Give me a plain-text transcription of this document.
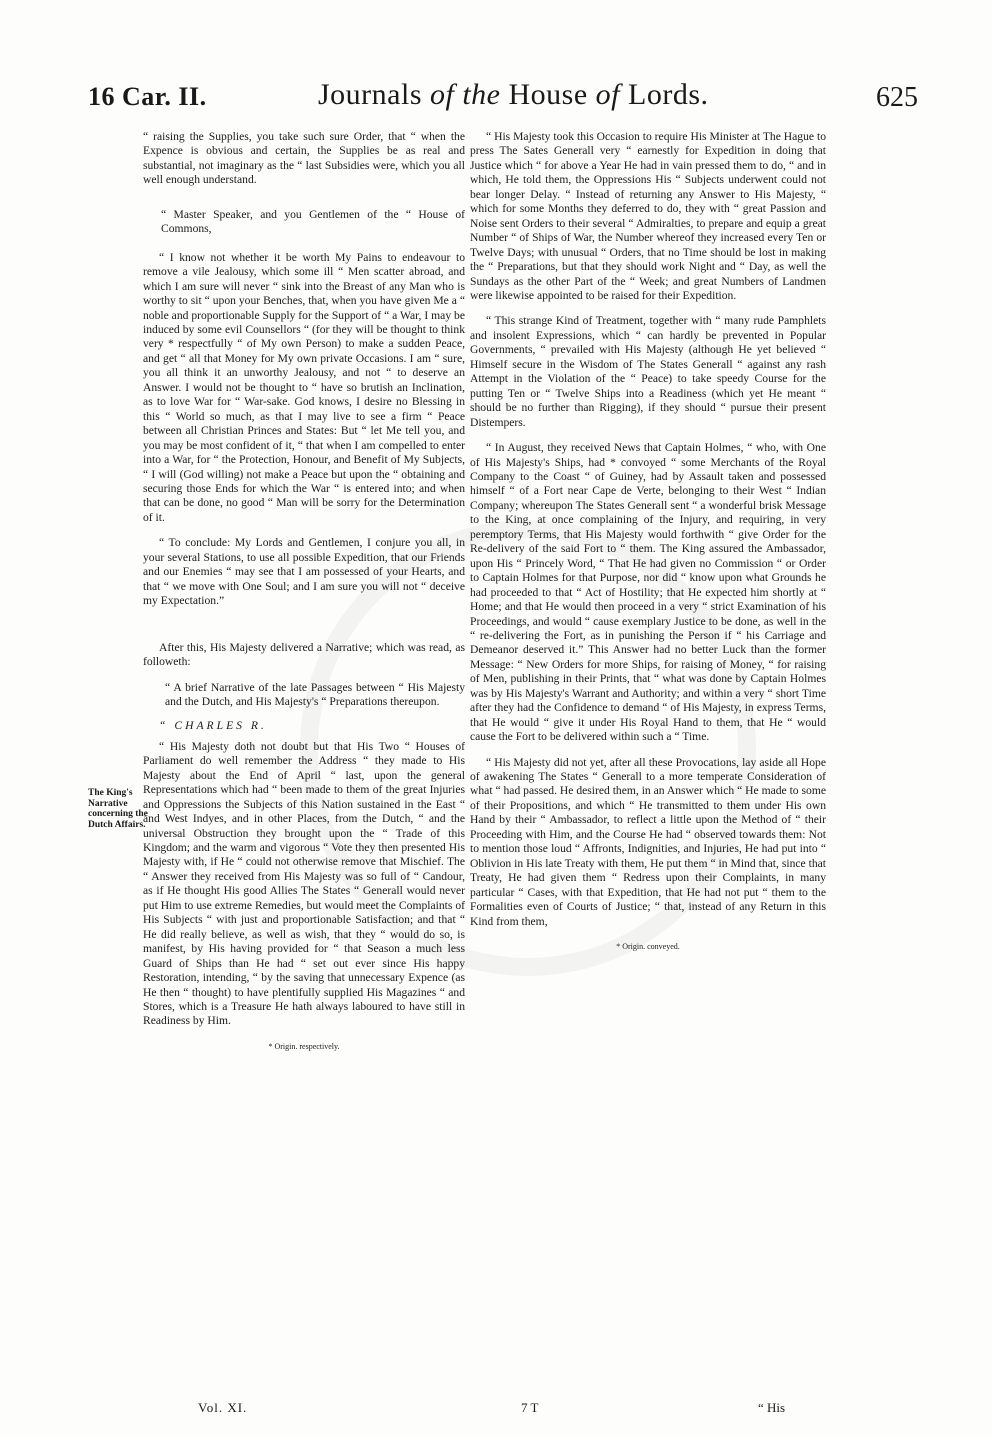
16 Car. II.	Journals of the House of Lords.	625
The King's Narrative concerning the Dutch Affairs.

“ raising the Supplies, you take such sure Order, that “ when the Expence is obvious and certain, the Supplies be as real and substantial, not imaginary as the “ last Subsidies were, which you all well enough understand.

“ Master Speaker, and you Gentlemen of the “ House of Commons,

“ I know not whether it be worth My Pains to endeavour to remove a vile Jealousy, which some ill “ Men scatter abroad, and which I am sure will never “ sink into the Breast of any Man who is worthy to sit “ upon your Benches, that, when you have given Me a “ noble and proportionable Supply for the Support of “ a War, I may be induced by some evil Counsellors “ (for they will be thought to think very * respectfully “ of My own Person) to make a sudden Peace, and get “ all that Money for My own private Occasions. I am “ sure, you all think it an unworthy Jealousy, and not “ to deserve an Answer. I would not be thought to “ have so brutish an Inclination, as to love War for “ War-sake. God knows, I desire no Blessing in this “ World so much, as that I may live to see a firm “ Peace between all Christian Princes and States: But “ let Me tell you, and you may be most confident of it, “ that when I am compelled to enter into a War, for “ the Protection, Honour, and Benefit of My Subjects, “ I will (God willing) not make a Peace but upon the “ obtaining and securing those Ends for which the War “ is entered into; and when that can be done, no good “ Man will be sorry for the Determination of it.

“ To conclude: My Lords and Gentlemen, I conjure you all, in your several Stations, to use all possible Expedition, that our Friends and our Enemies “ may see that I am possessed of your Hearts, and that “ we move with One Soul; and I am sure you will not “ deceive my Expectation.”

After this, His Majesty delivered a Narrative; which was read, as followeth:

“ A brief Narrative of the late Passages between “ His Majesty and the Dutch, and His Majesty's “ Preparations thereupon.

“ CHARLES R.

“ His Majesty doth not doubt but that His Two “ Houses of Parliament do well remember the Address “ they made to His Majesty about the End of April “ last, upon the general Representations which had “ been made to them of the great Injuries and Oppressions the Subjects of this Nation sustained in the East “ and West Indyes, and in other Places, from the Dutch, “ and the universal Obstruction they brought upon the “ Trade of this Kingdom; and the warm and vigorous “ Vote they then presented His Majesty with, if He “ could not otherwise remove that Mischief. The “ Answer they received from His Majesty was so full of “ Candour, as if He thought His good Allies The States “ Generall would never put Him to use extreme Remedies, but would meet the Complaints of His Subjects “ with just and proportionable Satisfaction; and that “ He did really believe, as well as wish, that they “ would do so, is manifest, by His having provided for “ that Season a much less Guard of Ships than He had “ set out ever since His happy Restoration, intending, “ by the saving that unnecessary Expence (as He then “ thought) to have plentifully supplied His Magazines “ and Stores, which is a Treasure He hath always laboured to have still in Readiness by Him.

* Origin. respectively.

“ His Majesty took this Occasion to require His Minister at The Hague to press The Sates Generall very “ earnestly for Expedition in doing that Justice which “ for above a Year He had in vain pressed them to do, “ and in which, He told them, the Oppressions His “ Subjects underwent could not bear longer Delay. “ Instead of returning any Answer to His Majesty, “ which for some Months they deferred to do, they with “ great Passion and Noise sent Orders to their several “ Admiralties, to prepare and equip a great Number “ of Ships of War, the Number whereof they increased every Ten or Twelve Days; with unusual “ Orders, that no Time should be lost in making the “ Preparations, but that they should work Night and “ Day, as well the Sundays as the other Part of the “ Week; and great Numbers of Landmen were likewise appointed to be raised for their Expedition.

“ This strange Kind of Treatment, together with “ many rude Pamphlets and insolent Expressions, which “ can hardly be prevented in Popular Governments, “ prevailed with His Majesty (although He yet believed “ Himself secure in the Wisdom of The States Generall “ against any rash Attempt in the Violation of the “ Peace) to take speedy Course for the putting Ten or “ Twelve Ships into a Readiness (which yet He meant “ should be no further than Rigging), if they should “ pursue their present Distempers.

“ In August, they received News that Captain Holmes, “ who, with One of His Majesty's Ships, had * convoyed “ some Merchants of the Royal Company to the Coast “ of Guiney, had by Assault taken and possessed himself “ of a Fort near Cape de Verte, belonging to their West “ Indian Company; whereupon The States Generall sent “ a wonderful brisk Message to the King, at once complaining of the Injury, and requiring, in very peremptory Terms, that His Majesty would forthwith “ give Order for the Re-delivery of the said Fort to “ them. The King assured the Ambassador, upon His “ Princely Word, “ That He had given no Commission “ or Order to Captain Holmes for that Purpose, nor did “ know upon what Grounds he had proceeded to that “ Act of Hostility; that He expected him shortly at “ Home; and that He would then proceed in a very “ strict Examination of his Proceedings, and would “ cause exemplary Justice to be done, as well in the “ re-delivering the Fort, as in punishing the Person if “ his Carriage and Demeanor deserved it.” This Answer had no better Luck than the former Message: “ New Orders for more Ships, for raising of Money, “ for raising of Men, publishing in their Prints, that “ what was done by Captain Holmes was by His Majesty's Warrant and Authority; and within a very “ short Time after they had the Confidence to demand “ of His Majesty, in express Terms, that He would “ give it under His Royal Hand to them, that He “ would cause the Fort to be delivered within such a “ Time.

“ His Majesty did not yet, after all these Provocations, lay aside all Hope of awakening The States “ Generall to a more temperate Consideration of what “ had passed. He desired them, in an Answer which “ He made to some of their Propositions, and which “ He transmitted to them under His own Hand by their “ Ambassador, to reflect a little upon the Method of “ their Proceeding with Him, and the Course He had “ observed towards them: Not to mention those loud “ Affronts, Indignities, and Injuries, He had put into “ Oblivion in His late Treaty with them, He put them “ in Mind that, since that Treaty, He had given them “ Redress upon their Complaints, in many particular “ Cases, with that Expedition, that He had not put “ them to the Formalities even of Courts of Justice; “ that, instead of any Return in this Kind from them,

* Origin. conveyed.
Vol. XI.	7 T	“ His
